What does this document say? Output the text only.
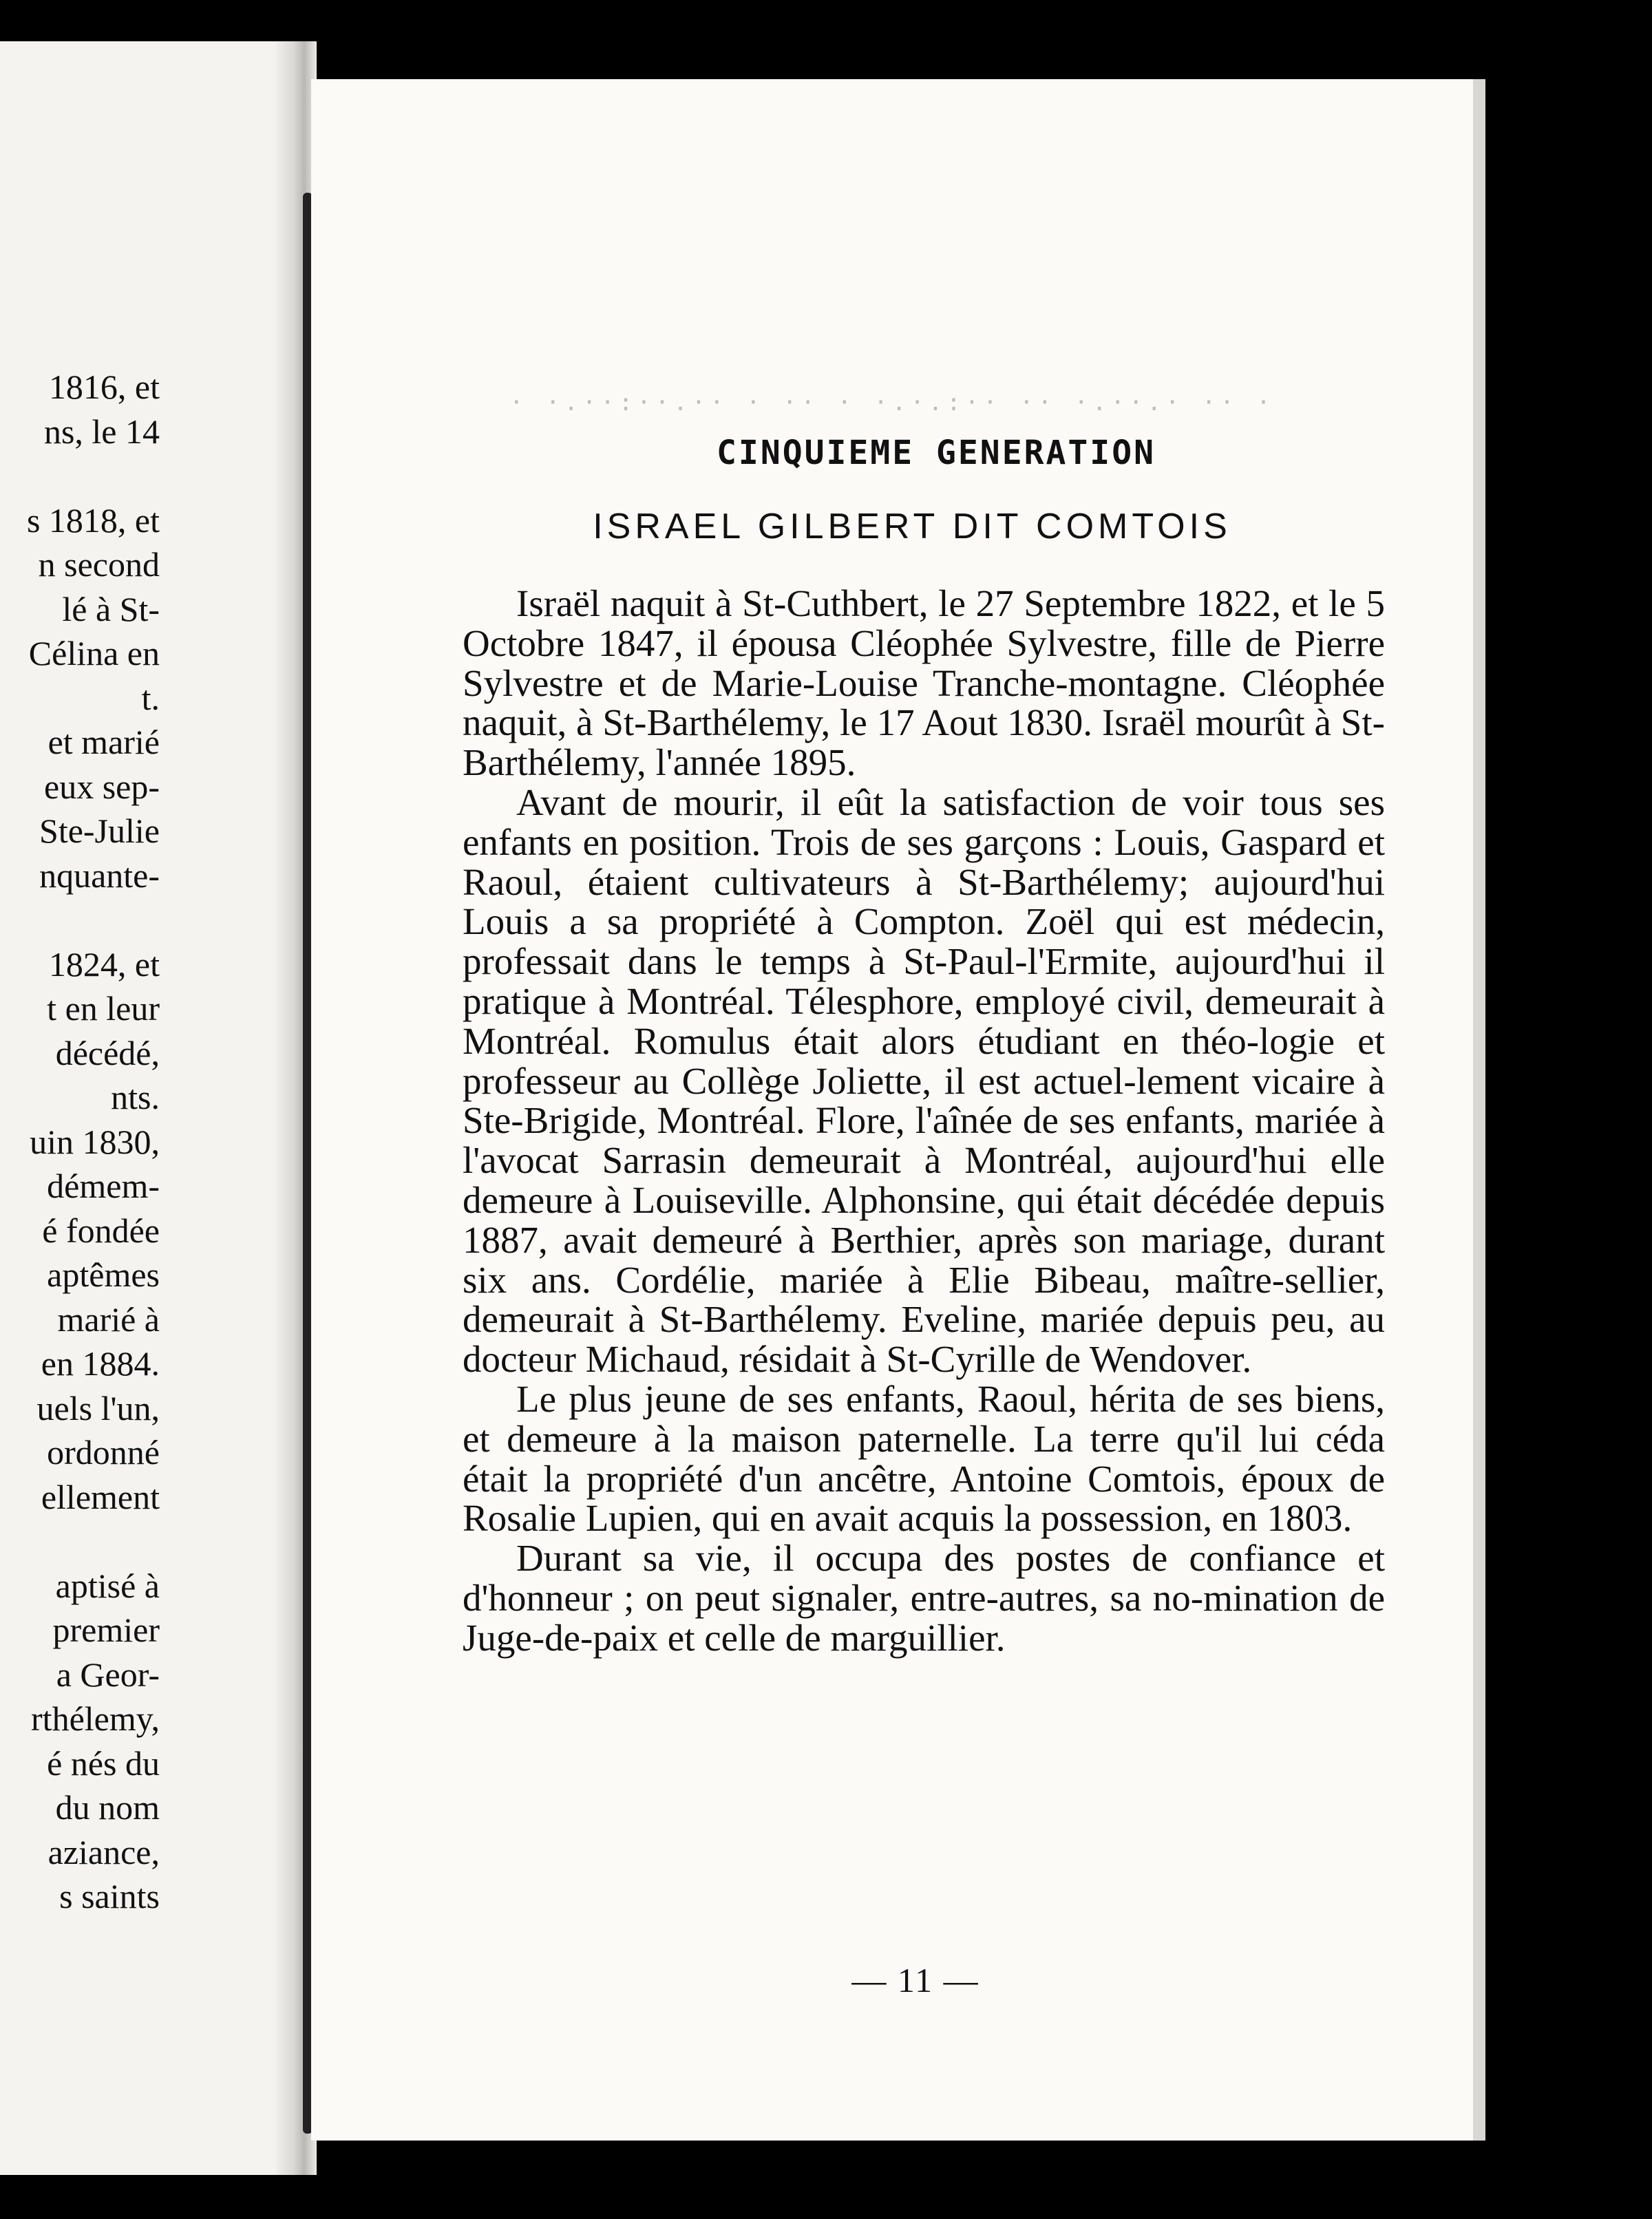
1816, et
ns, le 14
s 1818, et
n second
lé à St-
Célina en
t.
et marié
eux sep-
Ste-Julie
nquante-
1824, et
t en leur
décédé,
nts.
uin 1830,
démem-
é fondée
aptêmes
marié à
en 1884.
uels l'un,
ordonné
ellement
aptisé à
premier
a Geor-
rthélemy,
é nés du
du nom
aziance,
s saints
· ·.··:··.·· · ·· · ·.·.:·· ·· ·.··.· ·· ·
CINQUIEME GENERATION
ISRAEL GILBERT DIT COMTOIS

Israël naquit à St-Cuthbert, le 27 Septembre 1822, et le 5 Octobre 1847, il épousa Cléophée Sylvestre, fille de Pierre Sylvestre et de Marie-Louise Tranche-montagne. Cléophée naquit, à St-Barthélemy, le 17 Aout 1830. Israël mourût à St-Barthélemy, l'année 1895.

Avant de mourir, il eût la satisfaction de voir tous ses enfants en position. Trois de ses garçons : Louis, Gaspard et Raoul, étaient cultivateurs à St-Barthélemy; aujourd'hui Louis a sa propriété à Compton. Zoël qui est médecin, professait dans le temps à St-Paul-l'Ermite, aujourd'hui il pratique à Montréal. Télesphore, employé civil, demeurait à Montréal. Romulus était alors étudiant en théo-logie et professeur au Collège Joliette, il est actuel-lement vicaire à Ste-Brigide, Montréal. Flore, l'aînée de ses enfants, mariée à l'avocat Sarrasin demeurait à Montréal, aujourd'hui elle demeure à Louiseville. Alphonsine, qui était décédée depuis 1887, avait demeuré à Berthier, après son mariage, durant six ans. Cordélie, mariée à Elie Bibeau, maître-sellier, demeurait à St-Barthélemy. Eveline, mariée depuis peu, au docteur Michaud, résidait à St-Cyrille de Wendover.

Le plus jeune de ses enfants, Raoul, hérita de ses biens, et demeure à la maison paternelle. La terre qu'il lui céda était la propriété d'un ancêtre, Antoine Comtois, époux de Rosalie Lupien, qui en avait acquis la possession, en 1803.

Durant sa vie, il occupa des postes de confiance et d'honneur ; on peut signaler, entre-autres, sa no-mination de Juge-de-paix et celle de marguillier.

— 11 —
